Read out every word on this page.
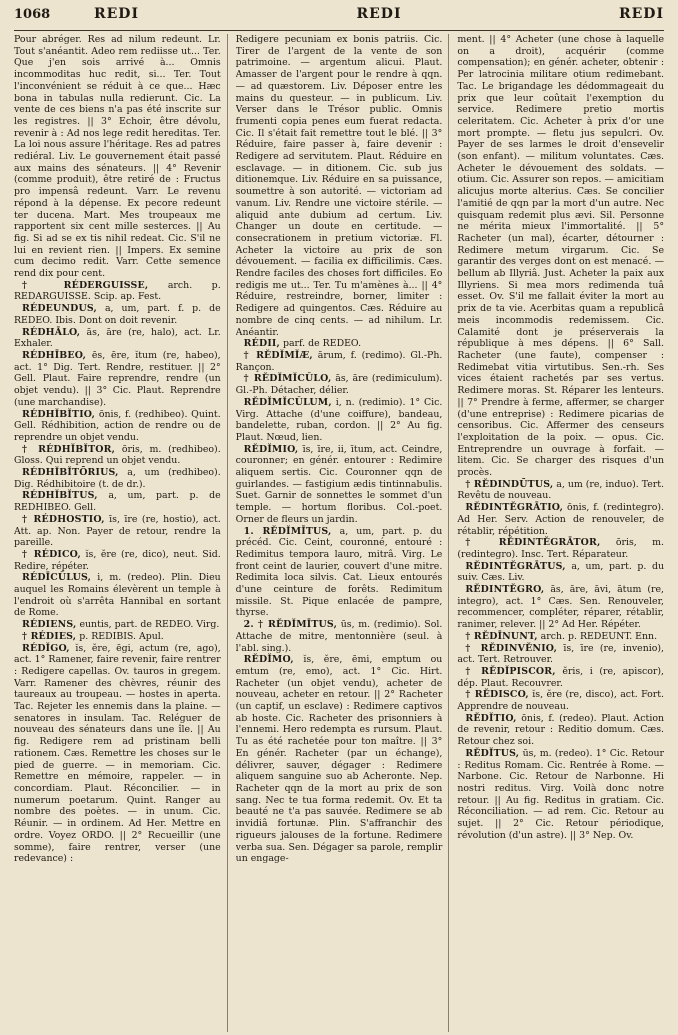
1068	REDI	REDI	REDI

Pour abréger. Res ad nilum redeunt. Lr. Tout s'anéantit. Adeo rem rediisse ut... Ter. Que j'en sois arrivé à... Omnis incommoditas huc redit, si... Ter. Tout l'inconvénient se réduit à ce que... Hæc bona in tabulas nulla redierunt. Cic. La vente de ces biens n'a pas été inscrite sur les registres. || 3° Echoir, être dévolu, revenir à : Ad nos lege redit hereditas. Ter. La loi nous assure l'héritage. Res ad patres rediéral. Liv. Le gouvernement était passé aux mains des sénateurs. || 4° Revenir (comme produit), être retiré de : Fructus pro impensâ redeunt. Varr. Le revenu répond à la dépense. Ex pecore redeunt ter ducena. Mart. Mes troupeaux me rapportent six cent mille sesterces. || Au fig. Si ad se ex tis nihil redeat. Cic. S'il ne lui en revient rien. || Impers. Ex semine cum decimo redit. Varr. Cette semence rend dix pour cent.

† RÉDERGUISSE, arch. p. REDARGUISSE. Scip. ap. Fest.

RÉDEUNDUS, a, um, part. f. p. de REDEO. Ibis. Dont on doit revenir.

RÉDHĀLO, ās, āre (re, halo), act. Lr. Exhaler.

RÉDHĪBEO, ēs, ēre, ĭtum (re, habeo), act. 1° Dig. Tert. Rendre, restituer. || 2° Gell. Plaut. Faire reprendre, rendre (un objet vendu). || 3° Cic. Plaut. Reprendre (une marchandise).

RÉDHĬBĬTIO, ōnis, f. (redhibeo). Quint. Gell. Rédhibition, action de rendre ou de reprendre un objet vendu.

† RÉDHĬBĬTOR, ōris, m. (redhibeo). Gloss. Qui reprend un objet vendu.

RÉDHĬBĬTŌRIUS, a, um (redhibeo). Dig. Rédhibitoire (t. de dr.).

RÉDHĬBĬTUS, a, um, part. p. de REDHIBEO. Gell.

† RÉDHOSTIO, īs, īre (re, hostio), act. Att. ap. Non. Payer de retour, rendre la pareille.

† RÉDICO, ĭs, ĕre (re, dico), neut. Sid. Redire, répéter.

RÉDĪCŬLUS, i, m. (redeo). Plin. Dieu auquel les Romains élevèrent un temple à l'endroit où s'arrêta Hannibal en sortant de Rome.

RÉDIENS, euntis, part. de REDEO. Virg.

† RÉDIES, p. REDIBIS. Apul.

RÉDĬGO, ĭs, ĕre, ēgi, actum (re, ago), act. 1° Ramener, faire revenir, faire rentrer : Redigere capellas. Ov. tauros in gregem. Varr. Ramener des chèvres, réunir des taureaux au troupeau. — hostes in aperta. Tac. Rejeter les ennemis dans la plaine. — senatores in insulam. Tac. Reléguer de nouveau des sénateurs dans une île. || Au fig. Redigere rem ad pristinam belli rationem. Cæs. Remettre les choses sur le pied de guerre. — in memoriam. Cic. Remettre en mémoire, rappeler. — in concordiam. Plaut. Réconcilier. — in numerum poetarum. Quint. Ranger au nombre des poètes. — in unum. Cic. Réunir. — in ordinem. Ad Her. Mettre en ordre. Voyez ORDO. || 2° Recueillir (une somme), faire rentrer, verser (une redevance) :

Redigere pecuniam ex bonis patriis. Cic. Tirer de l'argent de la vente de son patrimoine. — argentum alicui. Plaut. Amasser de l'argent pour le rendre à qqn. — ad quæstorem. Liv. Déposer entre les mains du questeur. — in publicum. Liv. Verser dans le Trésor public. Omnis frumenti copia penes eum fuerat redacta. Cic. Il s'était fait remettre tout le blé. || 3° Réduire, faire passer à, faire devenir : Redigere ad servitutem. Plaut. Réduire en esclavage. — in ditionem. Cic. sub jus ditionemque. Liv. Réduire en sa puissance, soumettre à son autorité. — victoriam ad vanum. Liv. Rendre une victoire stérile. — aliquid ante dubium ad certum. Liv. Changer un doute en certitude. — consecrationem in pretium victoriæ. Fl. Acheter la victoire au prix de son dévouement. — facilia ex difficilimis. Cæs. Rendre faciles des choses fort difficiles. Eo redigis me ut... Ter. Tu m'amènes à... || 4° Réduire, restreindre, borner, limiter : Redigere ad quingentos. Cæs. Réduire au nombre de cinq cents. — ad nihilum. Lr. Anéantir.

RÉDII, parf. de REDEO.

† RĔDĬMĬÆ, ārum, f. (redimo). Gl.-Ph. Rançon.

† RĔDĬMĬCŬLO, ās, āre (redimiculum). Gl.-Ph. Détacher, délier.

RĔDĬMĬCŬLUM, i, n. (redimio). 1° Cic. Virg. Attache (d'une coiffure), bandeau, bandelette, ruban, cordon. || 2° Au fig. Plaut. Nœud, lien.

RĔDĬMIO, īs, īre, ii, ītum, act. Ceindre, couronner; en génér. entourer : Redimire aliquem sertis. Cic. Couronner qqn de guirlandes. — fastigium ædis tintinnabulis. Suet. Garnir de sonnettes le sommet d'un temple. — hortum floribus. Col.-poet. Orner de fleurs un jardin.

1. RĔDĬMĪTUS, a, um, part. p. du précéd. Cic. Ceint, couronné, entouré : Redimitus tempora lauro, mitrâ. Virg. Le front ceint de laurier, couvert d'une mitre. Redimita loca silvis. Cat. Lieux entourés d'une ceinture de forêts. Redimitum missile. St. Pique enlacée de pampre, thyrse.

2. † RĔDĬMĪTUS, ūs, m. (redimio). Sol. Attache de mitre, mentonnière (seul. à l'abl. sing.).

RĔDĬMO, ĭs, ĕre, ēmi, emptum ou emtum (re, emo), act. 1° Cic. Hirt. Racheter (un objet vendu), acheter de nouveau, acheter en retour. || 2° Racheter (un captif, un esclave) : Redimere captivos ab hoste. Cic. Racheter des prisonniers à l'ennemi. Hero redempta es rursum. Plaut. Tu as été rachetée pour ton maître. || 3° En génér. Racheter (par un échange), délivrer, sauver, dégager : Redimere aliquem sanguine suo ab Acheronte. Nep. Racheter qqn de la mort au prix de son sang. Nec te tua forma redemit. Ov. Et ta beauté ne t'a pas sauvée. Redimere se ab invidiâ fortunæ. Plin. S'affranchir des rigueurs jalouses de la fortune. Redimere verba sua. Sen. Dégager sa parole, remplir un engage-

ment. || 4° Acheter (une chose à laquelle on a droit), acquérir (comme compensation); en génér. acheter, obtenir : Per latrocinia militare otium redimebant. Tac. Le brigandage les dédommageait du prix que leur coûtait l'exemption du service. Redimere pretio mortis celeritatem. Cic. Acheter à prix d'or une mort prompte. — fletu jus sepulcri. Ov. Payer de ses larmes le droit d'ensevelir (son enfant). — militum voluntates. Cæs. Acheter le dévouement des soldats. — otium. Cic. Assurer son repos. — amicitiam alicujus morte alterius. Cæs. Se concilier l'amitié de qqn par la mort d'un autre. Nec quisquam redemit plus ævi. Sil. Personne ne mérita mieux l'immortalité. || 5° Racheter (un mal), écarter, détourner : Redimere metum virgarum. Cic. Se garantir des verges dont on est menacé. — bellum ab Illyriâ. Just. Acheter la paix aux Illyriens. Si mea mors redimenda tuâ esset. Ov. S'il me fallait éviter la mort au prix de ta vie. Acerbitas quam a republicâ meis incommodis redemissem. Cic. Calamité dont je préserverais la république à mes dépens. || 6° Sall. Racheter (une faute), compenser : Redimebat vitia virtutibus. Sen.-rh. Ses vices étaient rachetés par ses vertus. Redimere moras. St. Réparer les lenteurs. || 7° Prendre à ferme, affermer, se charger (d'une entreprise) : Redimere picarias de censoribus. Cic. Affermer des censeurs l'exploitation de la poix. — opus. Cic. Entreprendre un ouvrage à forfait. — litem. Cic. Se charger des risques d'un procès.

† RĔDINDŪTUS, a, um (re, induo). Tert. Revêtu de nouveau.

RĔDINTĔGRĀTIO, ōnis, f. (redintegro). Ad Her. Serv. Action de renouveler, de rétablir, répétition.

† RĔDINTĔGRĀTOR, ōris, m. (redintegro). Insc. Tert. Réparateur.

RĔDINTĔGRĀTUS, a, um, part. p. du suiv. Cæs. Liv.

RĔDINTĔGRO, ās, āre, āvi, ātum (re, integro), act. 1° Cæs. Sen. Renouveler, recommencer, compléter, réparer, rétablir, ranimer, relever. || 2° Ad Her. Répéter.

† RĔDĪNUNT, arch. p. REDEUNT. Enn.

† RĔDINVĔNIO, īs, īre (re, invenio), act. Tert. Retrouver.

† RĔDĬPISCOR, ĕris, i (re, apiscor), dép. Plaut. Recouvrer.

† RĔDISCO, ĭs, ĕre (re, disco), act. Fort. Apprendre de nouveau.

RĔDĬTIO, ōnis, f. (redeo). Plaut. Action de revenir, retour : Reditio domum. Cæs. Retour chez soi.

RĔDĬTUS, ūs, m. (redeo). 1° Cic. Retour : Reditus Romam. Cic. Rentrée à Rome. — Narbone. Cic. Retour de Narbonne. Hi nostri reditus. Virg. Voilà donc notre retour. || Au fig. Reditus in gratiam. Cic. Réconciliation. — ad rem. Cic. Retour au sujet. || 2° Cic. Retour périodique, révolution (d'un astre). || 3° Nep. Ov.
